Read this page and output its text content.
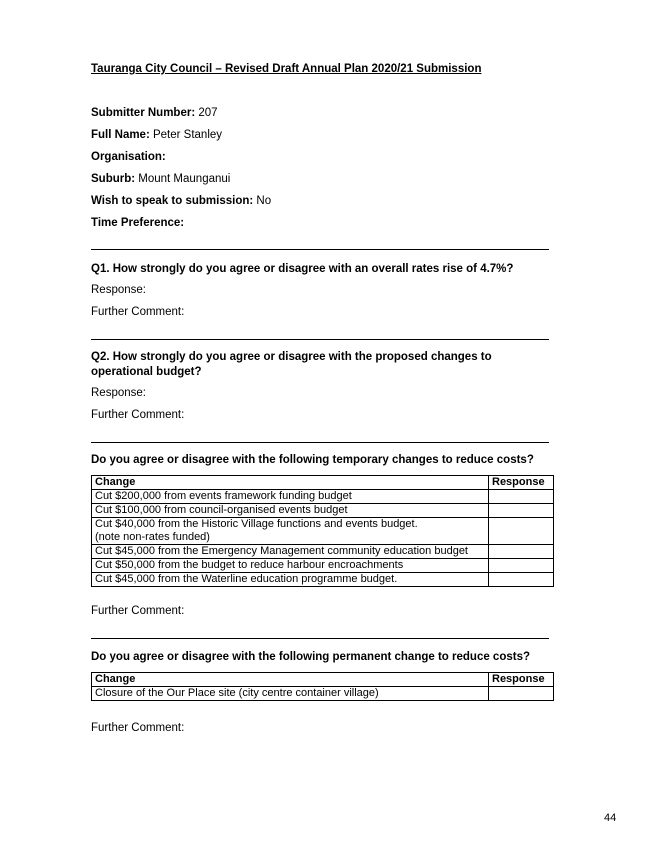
Tauranga City Council – Revised Draft Annual Plan 2020/21 Submission
Submitter Number: 207
Full Name: Peter Stanley
Organisation:
Suburb: Mount Maunganui
Wish to speak to submission: No
Time Preference:
Q1. How strongly do you agree or disagree with an overall rates rise of 4.7%?
Response:
Further Comment:
Q2. How strongly do you agree or disagree with the proposed changes to operational budget?
Response:
Further Comment:
Do you agree or disagree with the following temporary changes to reduce costs?
Change	Response
Cut $200,000 from events framework funding budget	
Cut $100,000 from council-organised events budget	
Cut $40,000 from the Historic Village functions and events budget.
(note non-rates funded)	
Cut $45,000 from the Emergency Management community education budget	
Cut $50,000 from the budget to reduce harbour encroachments	
Cut $45,000 from the Waterline education programme budget.	
Further Comment:
Do you agree or disagree with the following permanent change to reduce costs?
Change	Response
Closure of the Our Place site (city centre container village)	
Further Comment:
44
